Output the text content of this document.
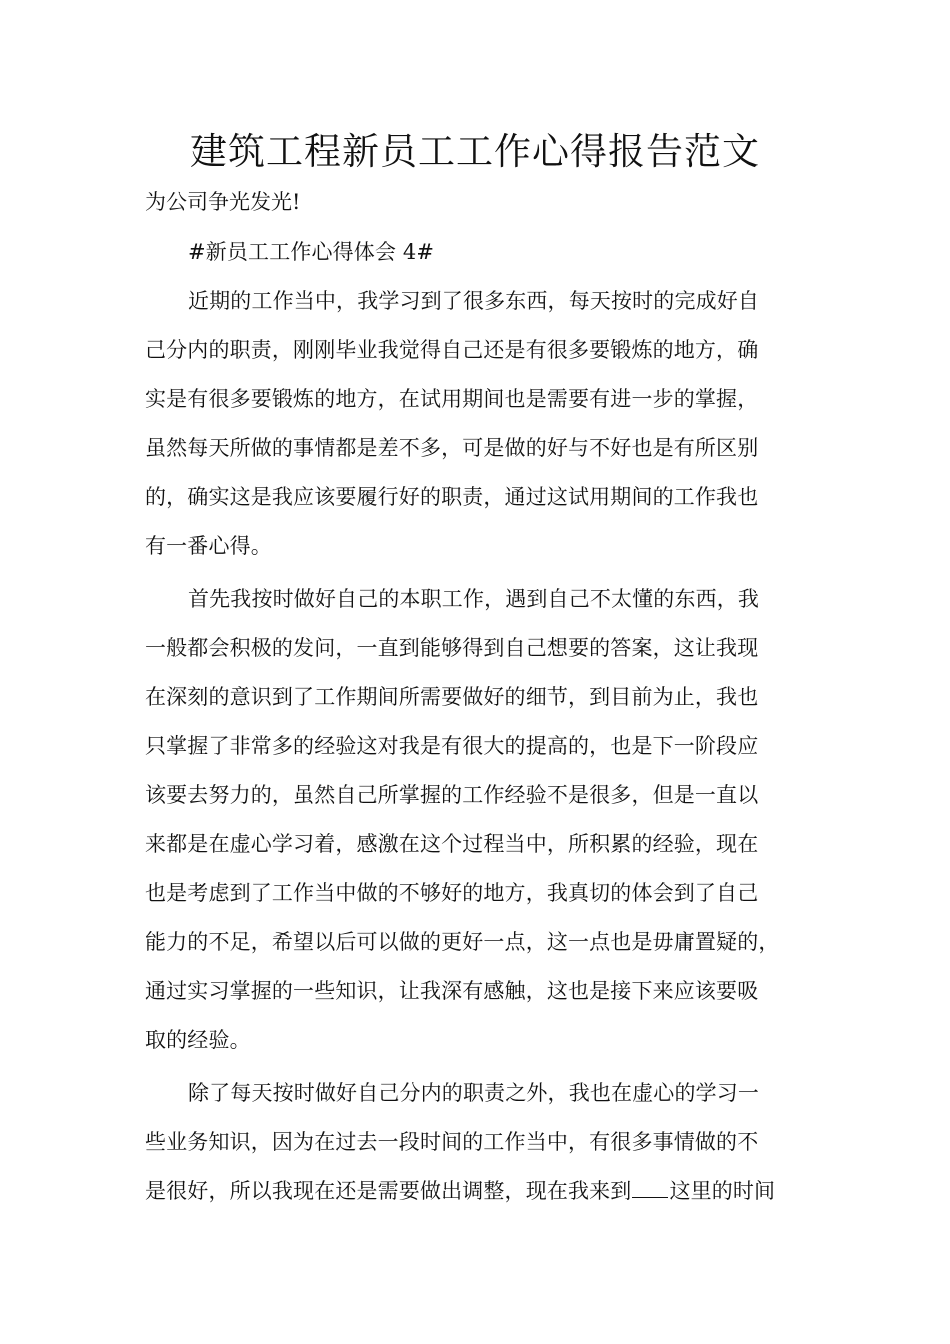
建筑工程新员工工作心得报告范文
为公司争光发光!
#新员工工作心得体会 4#
近期的工作当中，我学习到了很多东西，每天按时的完成好自
己分内的职责，刚刚毕业我觉得自己还是有很多要锻炼的地方，确
实是有很多要锻炼的地方，在试用期间也是需要有进一步的掌握，
虽然每天所做的事情都是差不多，可是做的好与不好也是有所区别
的，确实这是我应该要履行好的职责，通过这试用期间的工作我也
有一番心得。
首先我按时做好自己的本职工作，遇到自己不太懂的东西，我
一般都会积极的发问，一直到能够得到自己想要的答案，这让我现
在深刻的意识到了工作期间所需要做好的细节，到目前为止，我也
只掌握了非常多的经验这对我是有很大的提高的，也是下一阶段应
该要去努力的，虽然自己所掌握的工作经验不是很多，但是一直以
来都是在虚心学习着，感激在这个过程当中，所积累的经验，现在
也是考虑到了工作当中做的不够好的地方，我真切的体会到了自己
能力的不足，希望以后可以做的更好一点，这一点也是毋庸置疑的，
通过实习掌握的一些知识，让我深有感触，这也是接下来应该要吸
取的经验。
除了每天按时做好自己分内的职责之外，我也在虚心的学习一
些业务知识，因为在过去一段时间的工作当中，有很多事情做的不
是很好，所以我现在还是需要做出调整，现在我来到 这里的时间
